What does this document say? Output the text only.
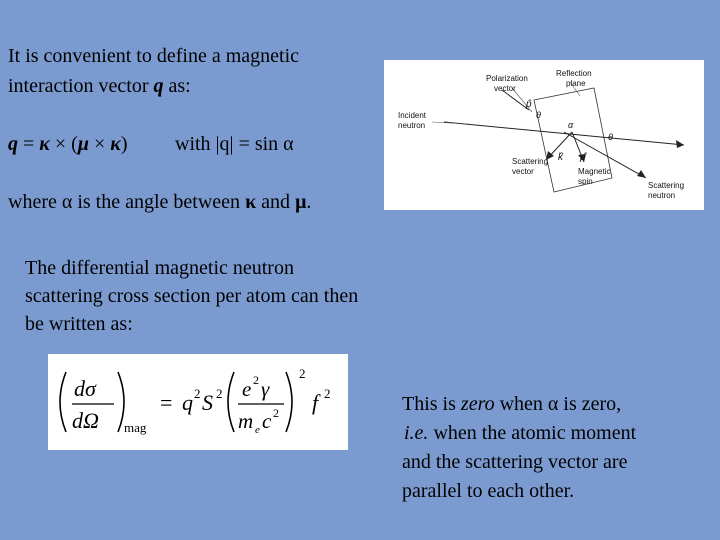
It is convenient to define a magnetic
interaction vector q as:
q = κ × (μ × κ) with |q| = sin α
where α is the angle between κ and μ.
Polarization
vector
Reflection
plane
Incident
neutron
Scattering
vector	Magnetic
spin	Scattering
neutron
p̂
k̂ μ̂
θ
θ
α
The differential magnetic neutron
scattering cross section per atom can then
be written as:
dσ
dΩ mag
= q 2 S 2 e 2 γ
m e c 2
2
f 2	This is zero when α is zero,
i.e. when the atomic moment
and the scattering vector are
parallel to each other.
